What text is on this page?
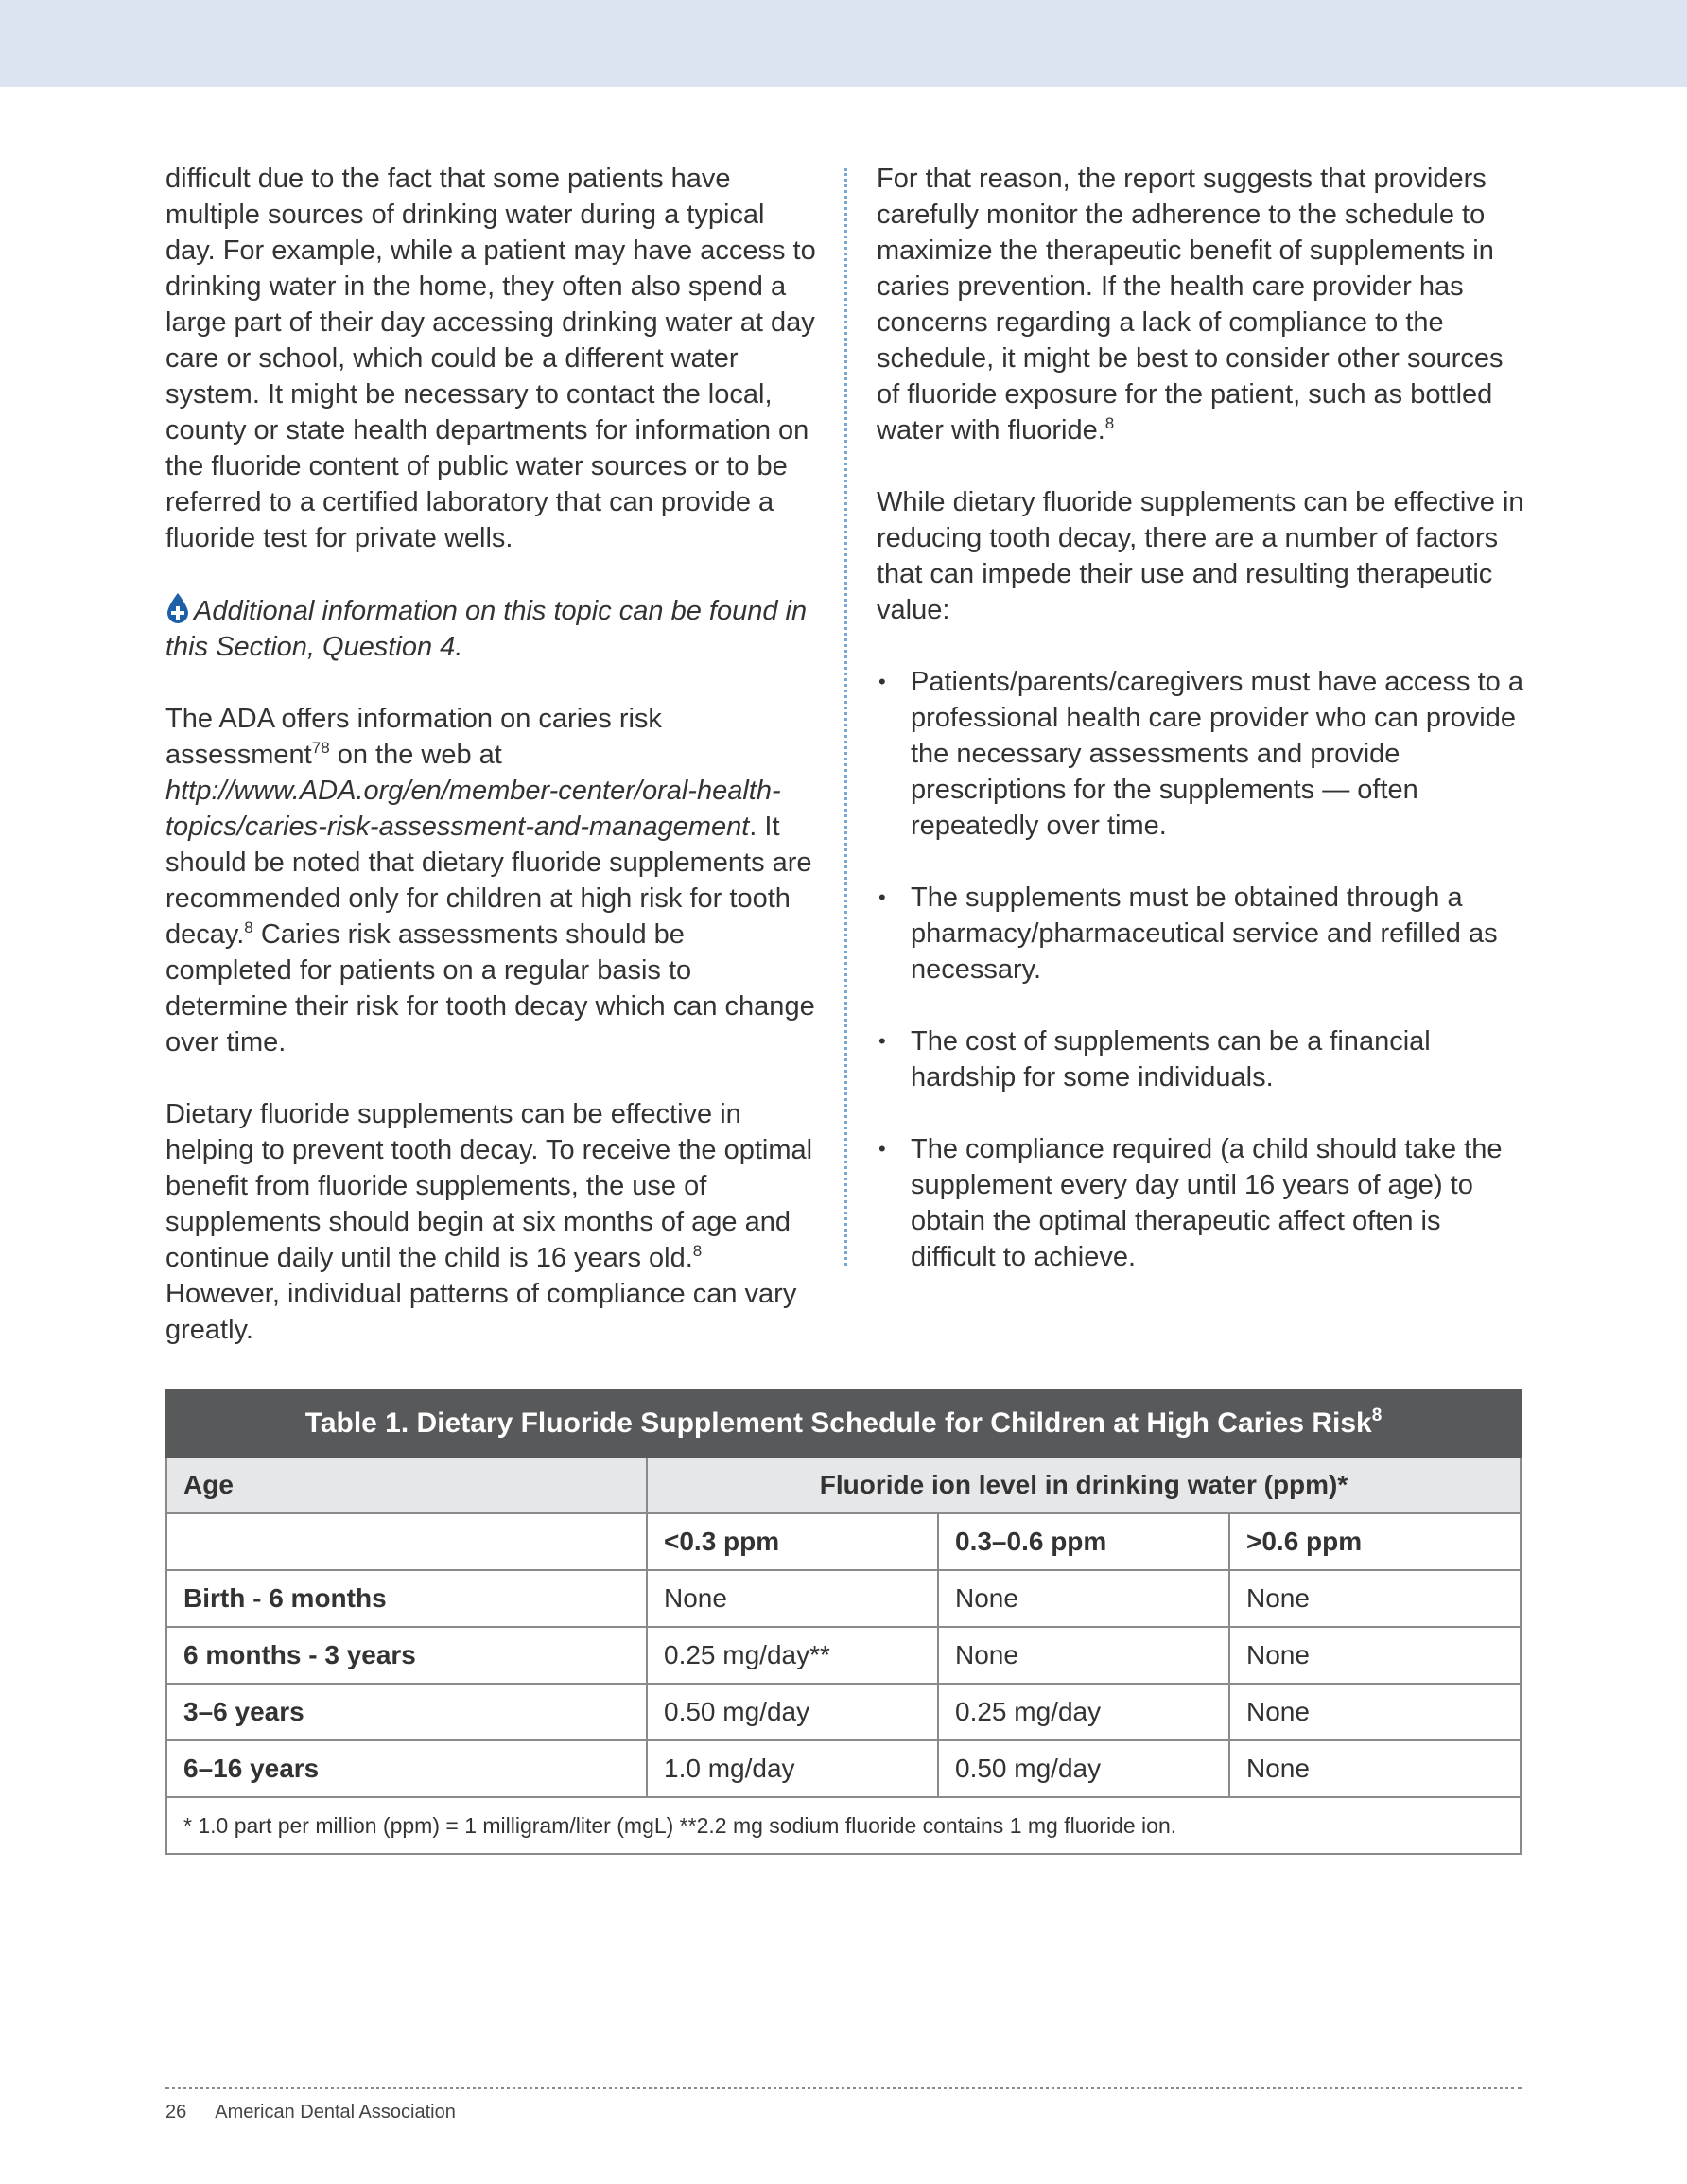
difficult due to the fact that some patients have multiple sources of drinking water during a typical day. For example, while a patient may have access to drinking water in the home, they often also spend a large part of their day accessing drinking water at day care or school, which could be a different water system. It might be necessary to contact the local, county or state health departments for information on the fluoride content of public water sources or to be referred to a certified laboratory that can provide a fluoride test for private wells.

Additional information on this topic can be found in this Section, Question 4.

The ADA offers information on caries risk assessment$^{78}$ on the web at http://www.ADA.org/en/member-center/oral-health-topics/caries-risk-assessment-and-management. It should be noted that dietary fluoride supplements are recommended only for children at high risk for tooth decay.$^8$ Caries risk assessments should be completed for patients on a regular basis to determine their risk for tooth decay which can change over time.

Dietary fluoride supplements can be effective in helping to prevent tooth decay. To receive the optimal benefit from fluoride supplements, the use of supplements should begin at six months of age and continue daily until the child is 16 years old.$^8$ However, individual patterns of compliance can vary greatly.

For that reason, the report suggests that providers carefully monitor the adherence to the schedule to maximize the therapeutic benefit of supplements in caries prevention. If the health care provider has concerns regarding a lack of compliance to the schedule, it might be best to consider other sources of fluoride exposure for the patient, such as bottled water with fluoride.$^8$

While dietary fluoride supplements can be effective in reducing tooth decay, there are a number of factors that can impede their use and resulting therapeutic value:

• Patients/parents/caregivers must have access to a professional health care provider who can provide the necessary assessments and provide prescriptions for the supplements — often repeatedly over time.
• The supplements must be obtained through a pharmacy/pharmaceutical service and refilled as necessary.
• The cost of supplements can be a financial hardship for some individuals.
• The compliance required (a child should take the supplement every day until 16 years of age) to obtain the optimal therapeutic affect often is difficult to achieve.
Table 1. Dietary Fluoride Supplement Schedule for Children at High Caries Risk$^8$
Age	Fluoride ion level in drinking water (ppm)*		
	<0.3 ppm	0.3–0.6 ppm	>0.6 ppm
Birth - 6 months	None	None	None
6 months - 3 years	0.25 mg/day**	None	None
3–6 years	0.50 mg/day	0.25 mg/day	None
6–16 years	1.0 mg/day	0.50 mg/day	None
* 1.0 part per million (ppm) = 1 milligram/liter (mgL) **2.2 mg sodium fluoride contains 1 mg fluoride ion.			
26 American Dental Association
